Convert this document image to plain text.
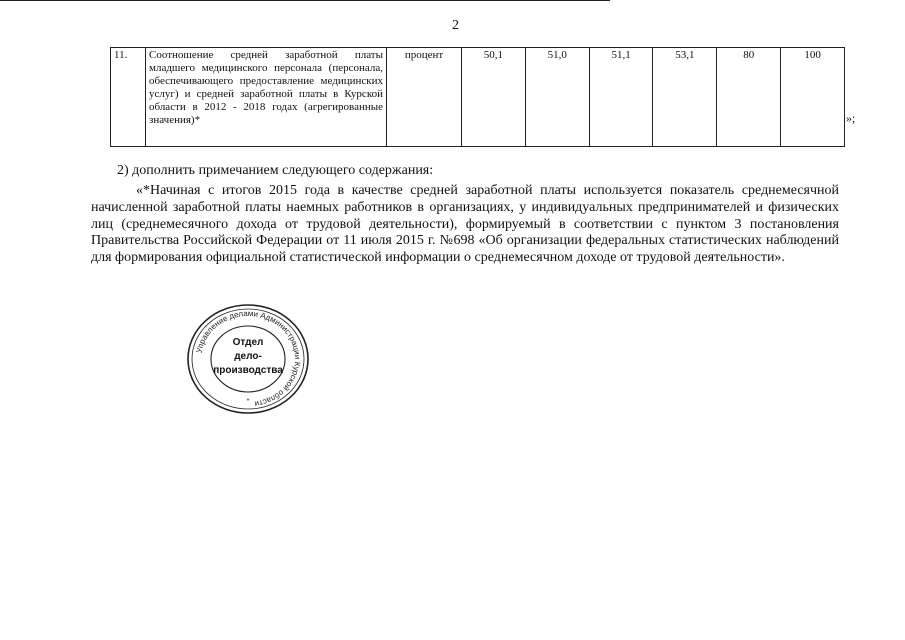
2
11.	Соотношение средней заработной платы младшего медицинского персонала (персонала, обеспечивающего предоставление медицинских услуг) и средней заработной платы в Курской области в 2012 - 2018 годах (агрегированные значения)*	процент	50,1	51,0	51,1	53,1	80	100
»;
2) дополнить примечанием следующего содержания:

«*Начиная с итогов 2015 года в качестве средней заработной платы используется показатель среднемесячной начисленной заработной платы наемных работников в организациях, у индивидуальных предпринимателей и физических лиц (среднемесячного дохода от трудовой деятельности), формируемый в соответствии с пунктом 3 постановления Правительства Российской Федерации от 11 июля 2015 г. №698 «Об организации федеральных статистических наблюдений для формирования официальной статистической информации о среднемесячном доходе от трудовой деятельности».

Управление делами Администрации Курской области
Отдел
дело-
производства
*
